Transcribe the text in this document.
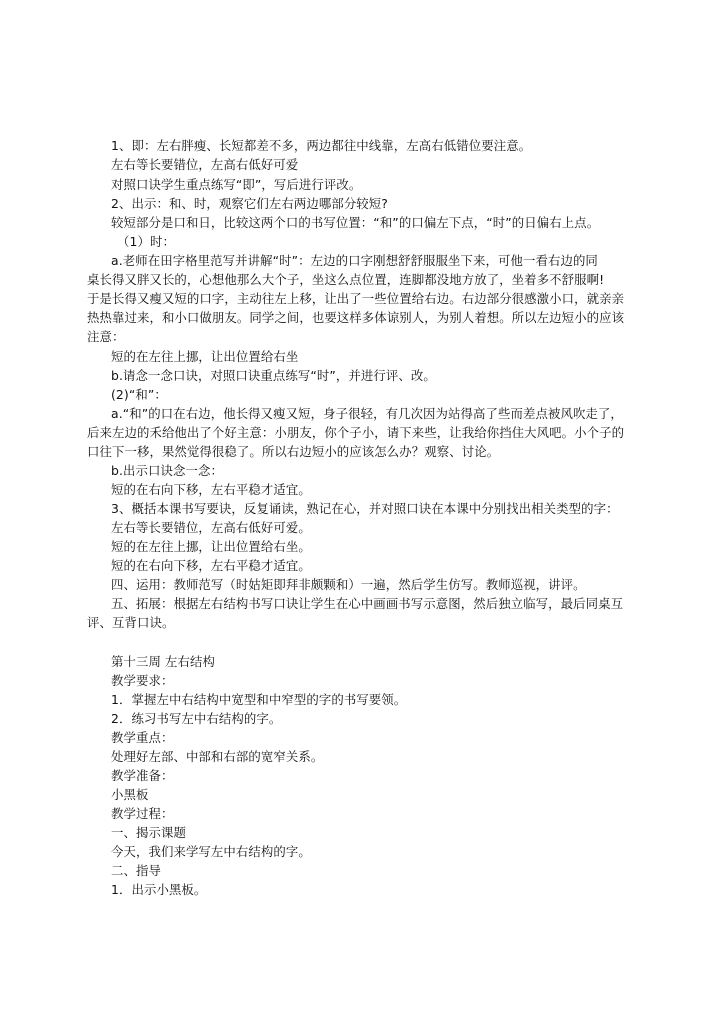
1、即：左右胖瘦、长短都差不多，两边都往中线靠，左高右低错位要注意。
左右等长要错位，左高右低好可爱
对照口诀学生重点练写“即”，写后进行评改。
2、出示：和、时，观察它们左右两边哪部分较短?
较短部分是口和日，比较这两个口的书写位置：“和”的口偏左下点，“时”的日偏右上点。
（1）时：
a.老师在田字格里范写并讲解“时”：左边的口字刚想舒舒服服坐下来，可他一看右边的同
桌长得又胖又长的，心想他那么大个子，坐这么点位置，连脚都没地方放了，坐着多不舒服啊!
于是长得又瘦又短的口字，主动往左上移，让出了一些位置给右边。右边部分很感激小口，就亲亲
热热靠过来，和小口做朋友。同学之间，也要这样多体谅别人，为别人着想。所以左边短小的应该
注意：
短的在左往上挪，让出位置给右坐
b.请念一念口诀，对照口诀重点练写“时”，并进行评、改。
(2)“和”：
a.“和”的口在右边，他长得又瘦又短，身子很轻，有几次因为站得高了些而差点被风吹走了，
后来左边的禾给他出了个好主意：小朋友，你个子小，请下来些，让我给你挡住大风吧。小个子的
口往下一移，果然觉得很稳了。所以右边短小的应该怎么办？观察、讨论。
b.出示口诀念一念：
短的在右向下移，左右平稳才适宜。
3、概括本课书写要诀，反复诵读，熟记在心，并对照口诀在本课中分别找出相关类型的字：
左右等长要错位，左高右低好可爱。
短的在左往上挪，让出位置给右坐。
短的在右向下移，左右平稳才适宜。
四、运用：教师范写（时姑矩即拜非颇颗和）一遍，然后学生仿写。教师巡视，讲评。
五、拓展：根据左右结构书写口诀让学生在心中画画书写示意图，然后独立临写，最后同桌互
评、互背口诀。
第十三周 左右结构
教学要求：
1．掌握左中右结构中宽型和中窄型的字的书写要领。
2．练习书写左中右结构的字。
教学重点：
处理好左部、中部和右部的宽窄关系。
教学准备：
小黑板
教学过程：
一、揭示课题
今天，我们来学写左中右结构的字。
二、指导
1．出示小黑板。
